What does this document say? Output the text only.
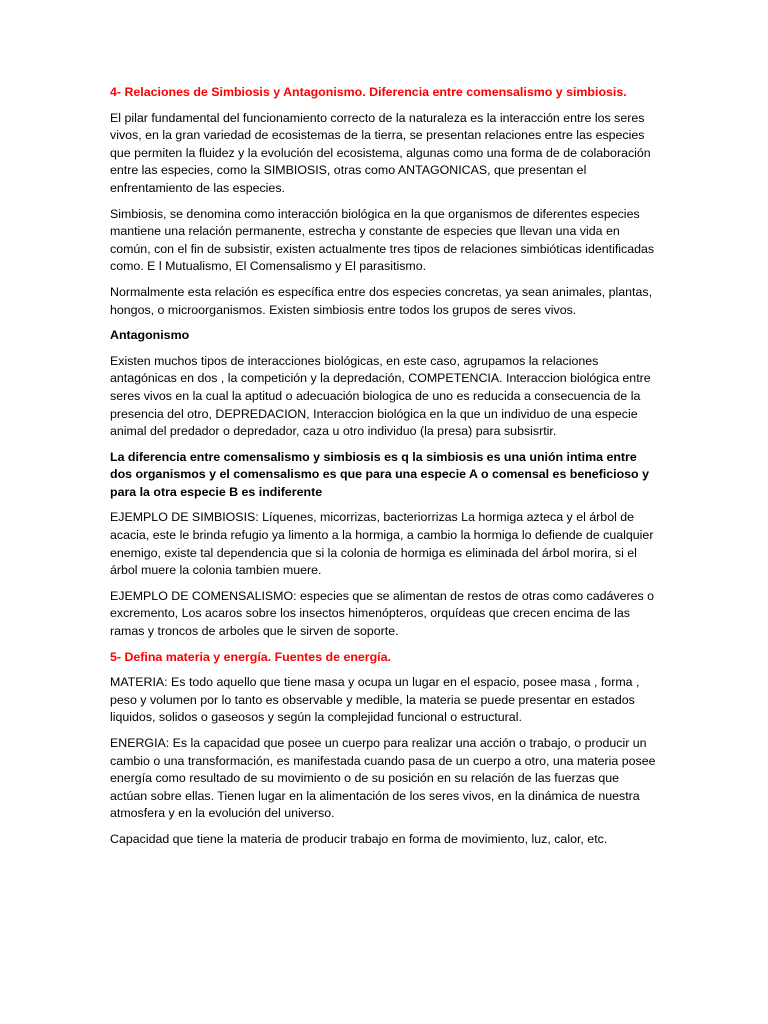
4- Relaciones de Simbiosis y Antagonismo. Diferencia entre comensalismo y simbiosis.
El pilar fundamental del funcionamiento correcto de la naturaleza es la interacción entre los seres vivos, en la gran variedad de ecosistemas de la tierra, se presentan relaciones entre las especies que permiten la fluidez y la evolución del ecosistema, algunas como una forma de de colaboración entre las especies, como la SIMBIOSIS, otras como ANTAGONICAS, que presentan el enfrentamiento de las especies.
Simbiosis, se denomina como interacción biológica en la que organismos de diferentes especies mantiene una relación permanente, estrecha y constante de especies que llevan una vida en común, con el fin de subsistir, existen actualmente tres tipos de relaciones simbióticas identificadas como. E l Mutualismo, El Comensalismo y El parasitismo.
Normalmente esta relación es específica entre dos especies concretas, ya sean animales, plantas, hongos, o microorganismos. Existen simbiosis entre todos los grupos de seres vivos.
Antagonismo
Existen muchos tipos de interacciones biológicas, en este caso, agrupamos la relaciones antagónicas en dos , la competición y la depredación, COMPETENCIA. Interaccion biológica entre seres vivos en la cual la aptitud o adecuación biologica de uno es reducida a consecuencia de la presencia del otro, DEPREDACION, Interaccion biológica en la que un individuo de una especie animal del predador o depredador, caza u otro individuo (la presa) para subsisrtir.
La diferencia entre comensalismo y simbiosis es q la simbiosis es una unión intima entre dos organismos y el comensalismo es que para una especie A o comensal es beneficioso y para la otra especie B es indiferente
EJEMPLO DE SIMBIOSIS: Líquenes, micorrizas, bacteriorrizas La hormiga azteca y el árbol de acacia, este le brinda refugio ya limento a la hormiga, a cambio la hormiga lo defiende de cualquier enemigo, existe tal dependencia que si la colonia de hormiga es eliminada del árbol morira, si el árbol muere la colonia tambien muere.
EJEMPLO DE COMENSALISMO: especies que se alimentan de restos de otras como cadáveres o excremento, Los acaros sobre los insectos himenópteros, orquídeas que crecen encima de las ramas y troncos de arboles que le sirven de soporte.
5- Defina materia y energía. Fuentes de energía.
MATERIA: Es todo aquello que tiene masa y ocupa un lugar en el espacio, posee masa , forma , peso y volumen por lo tanto es observable y medible, la materia se puede presentar en estados liquidos, solidos o gaseosos y según la complejidad funcional o estructural.
ENERGIA: Es la capacidad que posee un cuerpo para realizar una acción o trabajo, o producir un cambio o una transformación, es manifestada cuando pasa de un cuerpo a otro, una materia posee energía como resultado de su movimiento o de su posición en su relación de las fuerzas que actúan sobre ellas. Tienen lugar en la alimentación de los seres vivos, en la dinámica de nuestra atmosfera y en la evolución del universo.
Capacidad que tiene la materia de producir trabajo en forma de movimiento, luz, calor, etc.
